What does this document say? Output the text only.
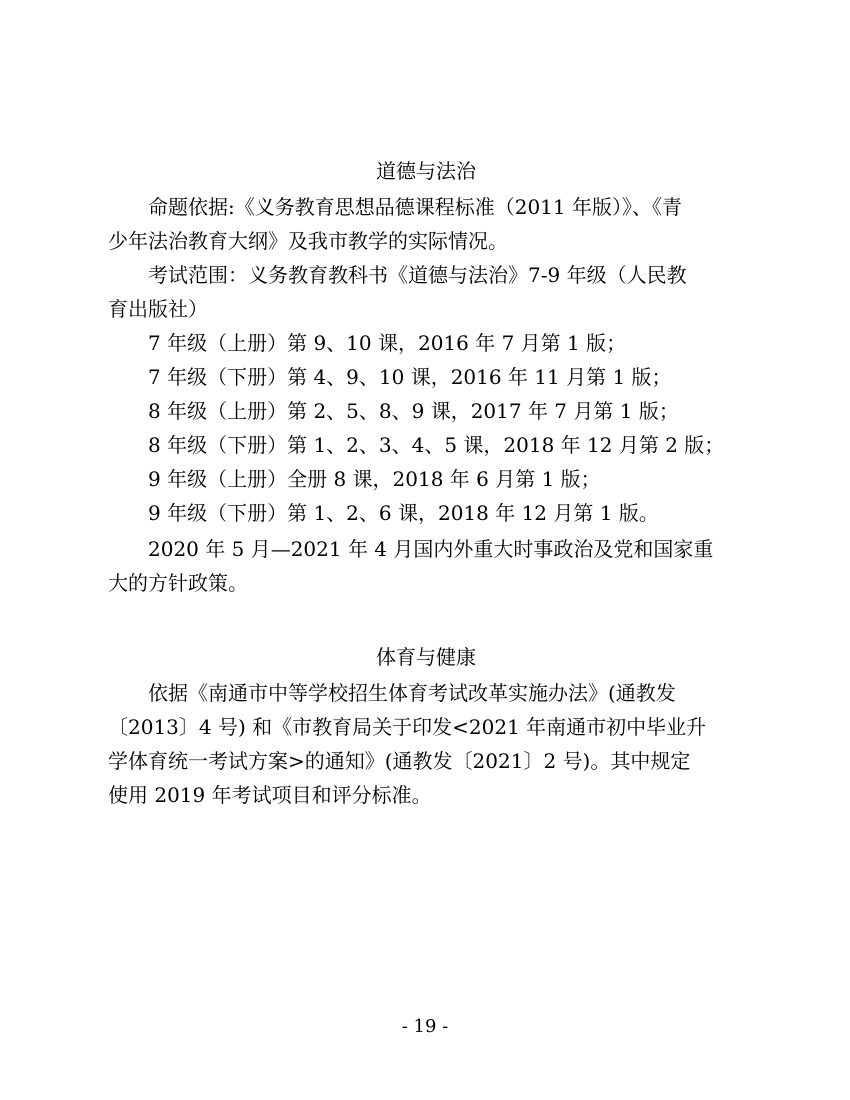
道德与法治
命题依据:《义务教育思想品德课程标准（2011 年版）》、《青
少年法治教育大纲》及我市教学的实际情况。
考试范围：义务教育教科书《道德与法治》7-9 年级（人民教
育出版社）
7 年级（上册）第 9、10 课，2016 年 7 月第 1 版；
7 年级（下册）第 4、9、10 课，2016 年 11 月第 1 版；
8 年级（上册）第 2、5、8、9 课，2017 年 7 月第 1 版；
8 年级（下册）第 1、2、3、4、5 课，2018 年 12 月第 2 版；
9 年级（上册）全册 8 课，2018 年 6 月第 1 版；
9 年级（下册）第 1、2、6 课，2018 年 12 月第 1 版。
2020 年 5 月—2021 年 4 月国内外重大时事政治及党和国家重
大的方针政策。
体育与健康
依据《南通市中等学校招生体育考试改革实施办法》(通教发
〔2013〕4 号) 和《市教育局关于印发<2021 年南通市初中毕业升
学体育统一考试方案>的通知》(通教发〔2021〕2 号)。其中规定
使用 2019 年考试项目和评分标准。
- 19 -
